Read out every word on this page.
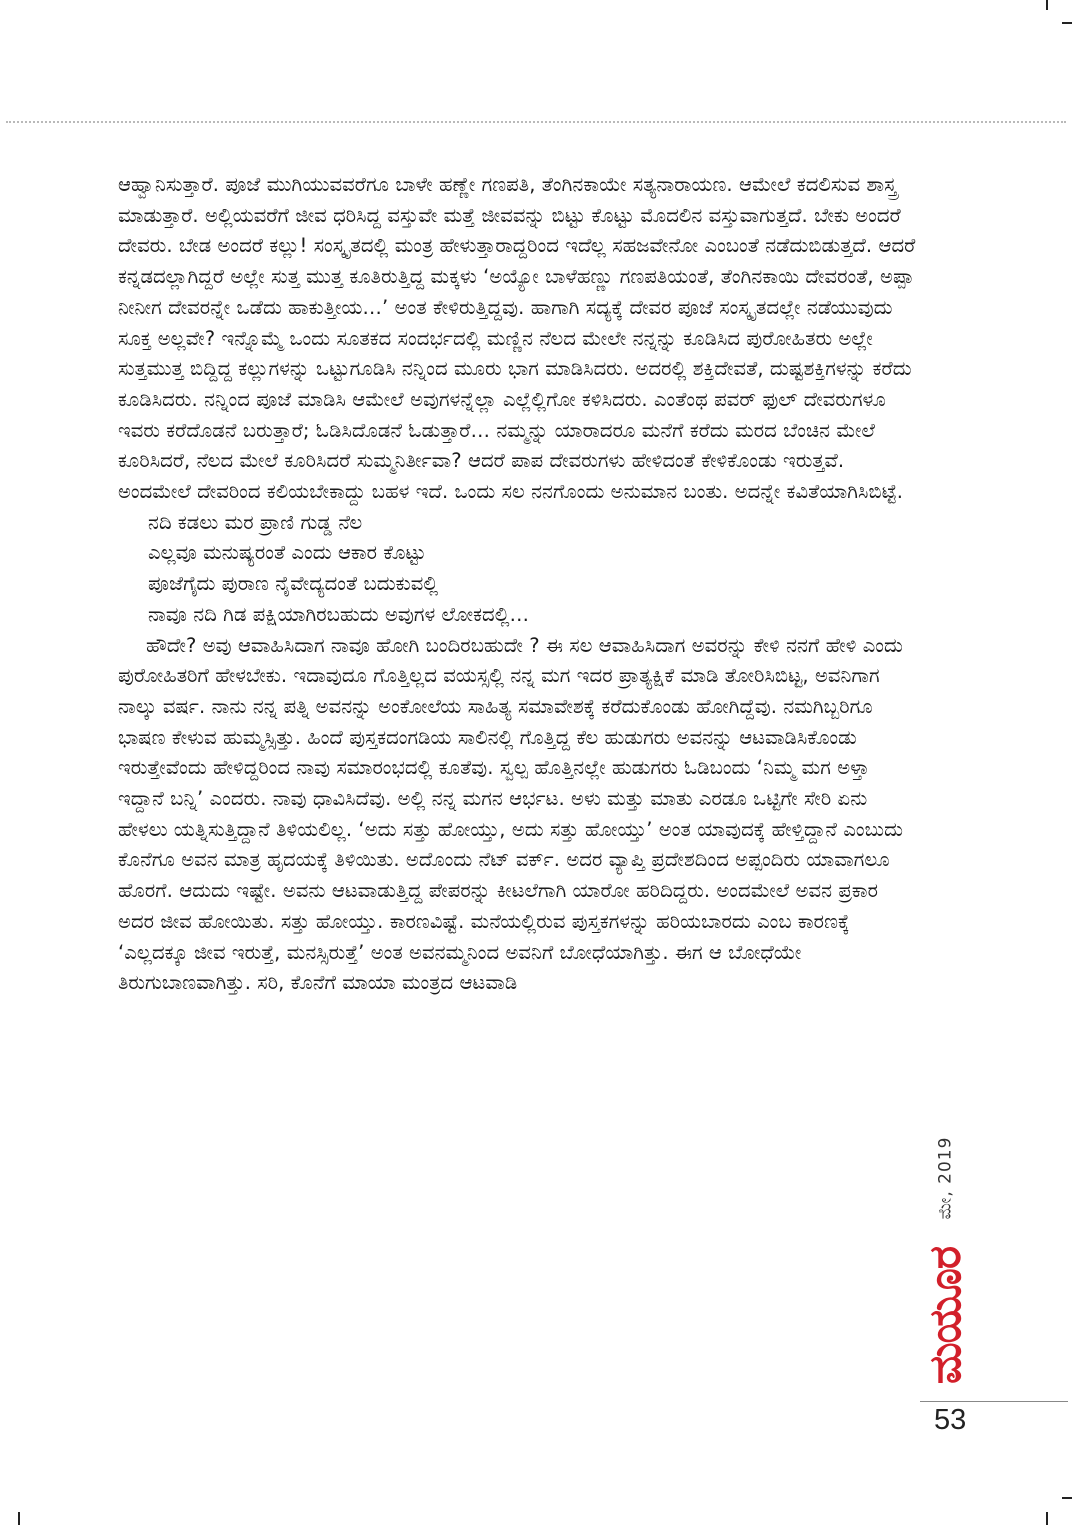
ಆಹ್ವಾನಿಸುತ್ತಾರೆ. ಪೂಜೆ ಮುಗಿಯುವವರೆಗೂ ಬಾಳೇ ಹಣ್ಣೇ ಗಣಪತಿ, ತೆಂಗಿನಕಾಯೇ ಸತ್ಯನಾರಾಯಣ. ಆಮೇಲೆ ಕದಲಿಸುವ ಶಾಸ್ತ್ರ ಮಾಡುತ್ತಾರೆ. ಅಲ್ಲಿಯವರೆಗೆ ಜೀವ ಧರಿಸಿದ್ದ ವಸ್ತುವೇ ಮತ್ತೆ ಜೀವವನ್ನು ಬಿಟ್ಟು ಕೊಟ್ಟು ಮೊದಲಿನ ವಸ್ತುವಾಗುತ್ತದೆ. ಬೇಕು ಅಂದರೆ ದೇವರು. ಬೇಡ ಅಂದರೆ ಕಲ್ಲು! ಸಂಸ್ಕೃತದಲ್ಲಿ ಮಂತ್ರ ಹೇಳುತ್ತಾರಾದ್ದರಿಂದ ಇದೆಲ್ಲ ಸಹಜವೇನೋ ಎಂಬಂತೆ ನಡೆದುಬಿಡುತ್ತದೆ. ಆದರೆ ಕನ್ನಡದಲ್ಲಾಗಿದ್ದರೆ ಅಲ್ಲೇ ಸುತ್ತ ಮುತ್ತ ಕೂತಿರುತ್ತಿದ್ದ ಮಕ್ಕಳು ‘ಅಯ್ಯೋ ಬಾಳೆಹಣ್ಣು ಗಣಪತಿಯಂತೆ, ತೆಂಗಿನಕಾಯಿ ದೇವರಂತೆ, ಅಪ್ಪಾ ನೀನೀಗ ದೇವರನ್ನೇ ಒಡೆದು ಹಾಕುತ್ತೀಯ…’ ಅಂತ ಕೇಳಿರುತ್ತಿದ್ದವು. ಹಾಗಾಗಿ ಸದ್ಯಕ್ಕೆ ದೇವರ ಪೂಜೆ ಸಂಸ್ಕೃತದಲ್ಲೇ ನಡೆಯುವುದು ಸೂಕ್ತ ಅಲ್ಲವೇ? ಇನ್ನೊಮ್ಮೆ ಒಂದು ಸೂತಕದ ಸಂದರ್ಭದಲ್ಲಿ ಮಣ್ಣಿನ ನೆಲದ ಮೇಲೇ ನನ್ನನ್ನು ಕೂಡಿಸಿದ ಪುರೋಹಿತರು ಅಲ್ಲೇ ಸುತ್ತಮುತ್ತ ಬಿದ್ದಿದ್ದ ಕಲ್ಲುಗಳನ್ನು ಒಟ್ಟುಗೂಡಿಸಿ ನನ್ನಿಂದ ಮೂರು ಭಾಗ ಮಾಡಿಸಿದರು. ಅದರಲ್ಲಿ ಶಕ್ತಿದೇವತೆ, ದುಷ್ಟಶಕ್ತಿಗಳನ್ನು ಕರೆದು ಕೂಡಿಸಿದರು. ನನ್ನಿಂದ ಪೂಜೆ ಮಾಡಿಸಿ ಆಮೇಲೆ ಅವುಗಳನ್ನೆಲ್ಲಾ ಎಲ್ಲೆಲ್ಲಿಗೋ ಕಳಿಸಿದರು. ಎಂತೆಂಥ ಪವರ್ ಫುಲ್ ದೇವರುಗಳೂ ಇವರು ಕರೆದೊಡನೆ ಬರುತ್ತಾರೆ; ಓಡಿಸಿದೊಡನೆ ಓಡುತ್ತಾರೆ… ನಮ್ಮನ್ನು ಯಾರಾದರೂ ಮನೆಗೆ ಕರೆದು ಮರದ ಬೆಂಚಿನ ಮೇಲೆ ಕೂರಿಸಿದರೆ, ನೆಲದ ಮೇಲೆ ಕೂರಿಸಿದರೆ ಸುಮ್ಮನಿರ್ತೀವಾ? ಆದರೆ ಪಾಪ ದೇವರುಗಳು ಹೇಳಿದಂತೆ ಕೇಳಿಕೊಂಡು ಇರುತ್ತವೆ. ಅಂದಮೇಲೆ ದೇವರಿಂದ ಕಲಿಯಬೇಕಾದ್ದು ಬಹಳ ಇದೆ. ಒಂದು ಸಲ ನನಗೊಂದು ಅನುಮಾನ ಬಂತು. ಅದನ್ನೇ ಕವಿತೆಯಾಗಿಸಿಬಿಟ್ಟೆ.

ನದಿ ಕಡಲು ಮರ ಪ್ರಾಣಿ ಗುಡ್ಡ ನೆಲ
ಎಲ್ಲವೂ ಮನುಷ್ಯರಂತೆ ಎಂದು ಆಕಾರ ಕೊಟ್ಟು
ಪೂಜೆಗೈದು ಪುರಾಣ ನೈವೇದ್ಯದಂತೆ ಬದುಕುವಲ್ಲಿ
ನಾವೂ ನದಿ ಗಿಡ ಪಕ್ಷಿಯಾಗಿರಬಹುದು ಅವುಗಳ ಲೋಕದಲ್ಲಿ…

ಹೌದೇ? ಅವು ಆವಾಹಿಸಿದಾಗ ನಾವೂ ಹೋಗಿ ಬಂದಿರಬಹುದೇ ? ಈ ಸಲ ಆವಾಹಿಸಿದಾಗ ಅವರನ್ನು ಕೇಳಿ ನನಗೆ ಹೇಳಿ ಎಂದು ಪುರೋಹಿತರಿಗೆ ಹೇಳಬೇಕು. ಇದಾವುದೂ ಗೊತ್ತಿಲ್ಲದ ವಯಸ್ಸಲ್ಲಿ ನನ್ನ ಮಗ ಇದರ ಪ್ರಾತ್ಯಕ್ಷಿಕೆ ಮಾಡಿ ತೋರಿಸಿಬಿಟ್ಟ, ಅವನಿಗಾಗ ನಾಲ್ಕು ವರ್ಷ. ನಾನು ನನ್ನ ಪತ್ನಿ ಅವನನ್ನು ಅಂಕೋಲೆಯ ಸಾಹಿತ್ಯ ಸಮಾವೇಶಕ್ಕೆ ಕರೆದುಕೊಂಡು ಹೋಗಿದ್ದೆವು. ನಮಗಿಬ್ಬರಿಗೂ ಭಾಷಣ ಕೇಳುವ ಹುಮ್ಮಸ್ಸಿತ್ತು. ಹಿಂದೆ ಪುಸ್ತಕದಂಗಡಿಯ ಸಾಲಿನಲ್ಲಿ ಗೊತ್ತಿದ್ದ ಕೆಲ ಹುಡುಗರು ಅವನನ್ನು ಆಟವಾಡಿಸಿಕೊಂಡು ಇರುತ್ತೇವೆಂದು ಹೇಳಿದ್ದರಿಂದ ನಾವು ಸಮಾರಂಭದಲ್ಲಿ ಕೂತೆವು. ಸ್ವಲ್ಪ ಹೊತ್ತಿನಲ್ಲೇ ಹುಡುಗರು ಓಡಿಬಂದು ‘ನಿಮ್ಮ ಮಗ ಅಳ್ತಾ ಇದ್ದಾನೆ ಬನ್ನಿ’ ಎಂದರು. ನಾವು ಧಾವಿಸಿದೆವು. ಅಲ್ಲಿ ನನ್ನ ಮಗನ ಆರ್ಭಟ. ಅಳು ಮತ್ತು ಮಾತು ಎರಡೂ ಒಟ್ಟಿಗೇ ಸೇರಿ ಏನು ಹೇಳಲು ಯತ್ನಿಸುತ್ತಿದ್ದಾನೆ ತಿಳಿಯಲಿಲ್ಲ. ‘ಅದು ಸತ್ತು ಹೋಯ್ತು, ಅದು ಸತ್ತು ಹೋಯ್ತು’ ಅಂತ ಯಾವುದಕ್ಕೆ ಹೇಳ್ತಿದ್ದಾನೆ ಎಂಬುದು ಕೊನೆಗೂ ಅವನ ಮಾತ್ರ ಹೃದಯಕ್ಕೆ ತಿಳಿಯಿತು. ಅದೊಂದು ನೆಟ್ ವರ್ಕ್. ಅದರ ವ್ಯಾಪ್ತಿ ಪ್ರದೇಶದಿಂದ ಅಪ್ಪಂದಿರು ಯಾವಾಗಲೂ ಹೊರಗೆ. ಆದುದು ಇಷ್ಟೇ. ಅವನು ಆಟವಾಡುತ್ತಿದ್ದ ಪೇಪರನ್ನು ಕೀಟಲೆಗಾಗಿ ಯಾರೋ ಹರಿದಿದ್ದರು. ಅಂದಮೇಲೆ ಅವನ ಪ್ರಕಾರ ಅದರ ಜೀವ ಹೋಯಿತು. ಸತ್ತು ಹೋಯ್ತು. ಕಾರಣವಿಷ್ಟೆ. ಮನೆಯಲ್ಲಿರುವ ಪುಸ್ತಕಗಳನ್ನು ಹರಿಯಬಾರದು ಎಂಬ ಕಾರಣಕ್ಕೆ ‘ಎಲ್ಲದಕ್ಕೂ ಜೀವ ಇರುತ್ತೆ, ಮನಸ್ಸಿರುತ್ತೆ’ ಅಂತ ಅವನಮ್ಮನಿಂದ ಅವನಿಗೆ ಬೋಧೆಯಾಗಿತ್ತು. ಈಗ ಆ ಬೋಧೆಯೇ ತಿರುಗುಬಾಣವಾಗಿತ್ತು. ಸರಿ, ಕೊನೆಗೆ ಮಾಯಾ ಮಂತ್ರದ ಆಟವಾಡಿ

ಮೇ, 2019
ಮಯೂರ
53
